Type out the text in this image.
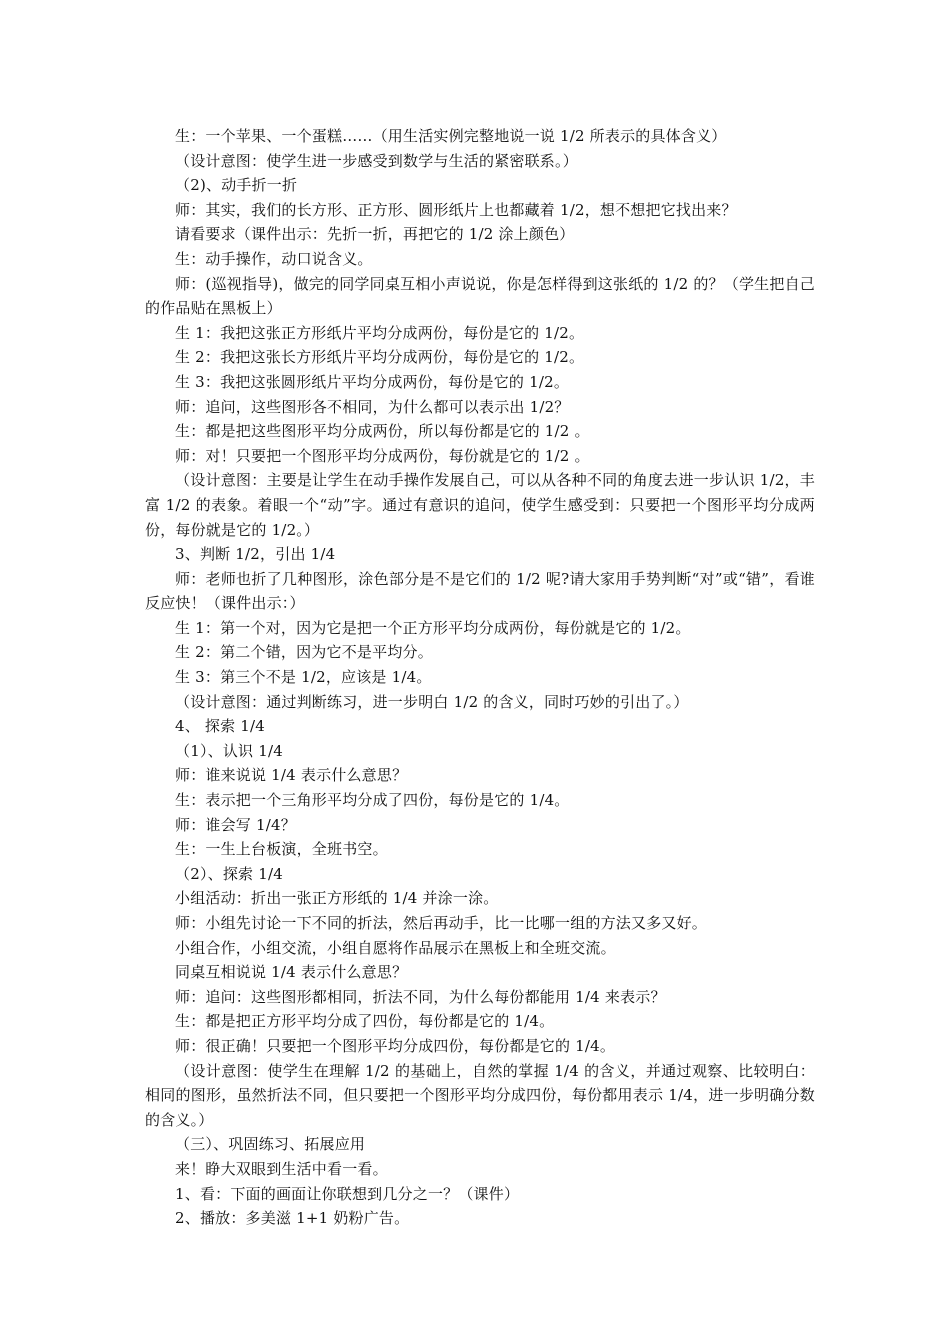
生：一个苹果、一个蛋糕……（用生活实例完整地说一说 1/2 所表示的具体含义）
（设计意图：使学生进一步感受到数学与生活的紧密联系。）
（2)、动手折一折
师：其实，我们的长方形、正方形、圆形纸片上也都藏着 1/2，想不想把它找出来？
请看要求（课件出示：先折一折，再把它的 1/2 涂上颜色）
生：动手操作，动口说含义。
师：(巡视指导)，做完的同学同桌互相小声说说，你是怎样得到这张纸的 1/2 的？（学生把自己的作品贴在黑板上）
生 1：我把这张正方形纸片平均分成两份，每份是它的 1/2。
生 2：我把这张长方形纸片平均分成两份，每份是它的 1/2。
生 3：我把这张圆形纸片平均分成两份，每份是它的 1/2。
师：追问，这些图形各不相同，为什么都可以表示出 1/2？
生：都是把这些图形平均分成两份，所以每份都是它的 1/2 。
师：对！只要把一个图形平均分成两份，每份就是它的 1/2 。
（设计意图：主要是让学生在动手操作发展自己，可以从各种不同的角度去进一步认识 1/2，丰富 1/2 的表象。着眼一个“动”字。通过有意识的追问，使学生感受到：只要把一个图形平均分成两份，每份就是它的 1/2。）
3、判断 1/2，引出 1/4
师：老师也折了几种图形，涂色部分是不是它们的 1/2 呢?请大家用手势判断“对”或“错”，看谁反应快！（课件出示：）
生 1：第一个对，因为它是把一个正方形平均分成两份，每份就是它的 1/2。
生 2：第二个错，因为它不是平均分。
生 3：第三个不是 1/2，应该是 1/4。
（设计意图：通过判断练习，进一步明白 1/2 的含义，同时巧妙的引出了。）
4、 探索 1/4
（1）、认识 1/4
师：谁来说说 1/4 表示什么意思？
生：表示把一个三角形平均分成了四份，每份是它的 1/4。
师：谁会写 1/4？
生：一生上台板演，全班书空。
（2）、探索 1/4
小组活动：折出一张正方形纸的 1/4 并涂一涂。
师：小组先讨论一下不同的折法，然后再动手，比一比哪一组的方法又多又好。
小组合作，小组交流，小组自愿将作品展示在黑板上和全班交流。
同桌互相说说 1/4 表示什么意思？
师：追问：这些图形都相同，折法不同，为什么每份都能用 1/4 来表示？
生：都是把正方形平均分成了四份，每份都是它的 1/4。
师：很正确！只要把一个图形平均分成四份，每份都是它的 1/4。
（设计意图：使学生在理解 1/2 的基础上，自然的掌握 1/4 的含义，并通过观察、比较明白：相同的图形，虽然折法不同，但只要把一个图形平均分成四份，每份都用表示 1/4，进一步明确分数的含义。）
（三）、巩固练习、拓展应用
来！睁大双眼到生活中看一看。
1、看：下面的画面让你联想到几分之一？（课件）
2、播放：多美滋 1+1 奶粉广告。
